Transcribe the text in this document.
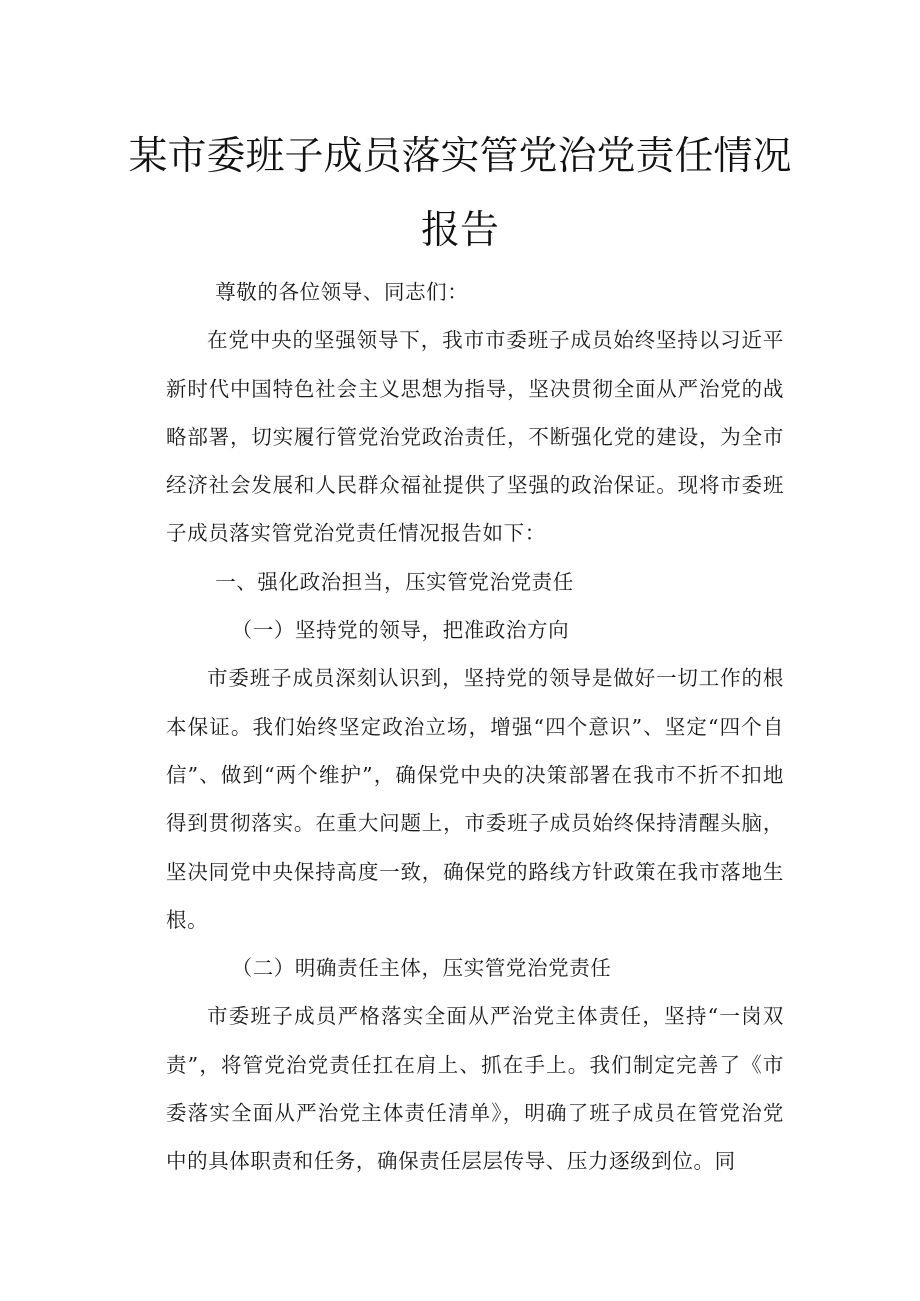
某市委班子成员落实管党治党责任情况
报告

尊敬的各位领导、同志们：

在党中央的坚强领导下，我市市委班子成员始终坚持以习近平新时代中国特色社会主义思想为指导，坚决贯彻全面从严治党的战略部署，切实履行管党治党政治责任，不断强化党的建设，为全市经济社会发展和人民群众福祉提供了坚强的政治保证。现将市委班子成员落实管党治党责任情况报告如下：

一、强化政治担当，压实管党治党责任

（一）坚持党的领导，把准政治方向

市委班子成员深刻认识到，坚持党的领导是做好一切工作的根本保证。我们始终坚定政治立场，增强“四个意识”、坚定“四个自信”、做到“两个维护”，确保党中央的决策部署在我市不折不扣地得到贯彻落实。在重大问题上，市委班子成员始终保持清醒头脑，坚决同党中央保持高度一致，确保党的路线方针政策在我市落地生根。

（二）明确责任主体，压实管党治党责任

市委班子成员严格落实全面从严治党主体责任，坚持“一岗双责”，将管党治党责任扛在肩上、抓在手上。我们制定完善了《市委落实全面从严治党主体责任清单》，明确了班子成员在管党治党中的具体职责和任务，确保责任层层传导、压力逐级到位。同
